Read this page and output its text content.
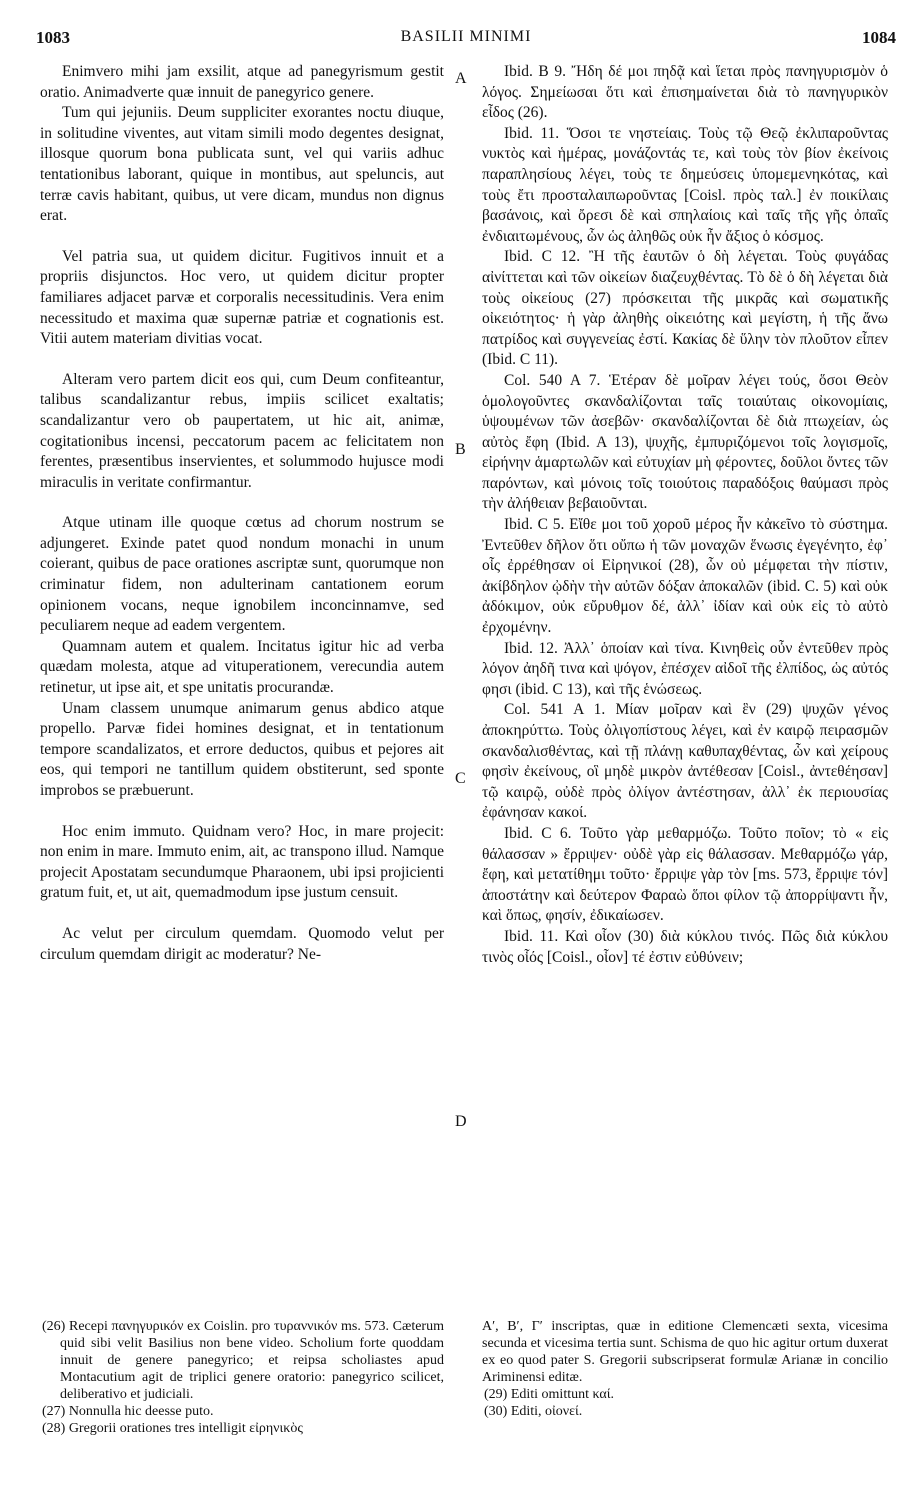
1083	BASILII MINIMI	1084
A
B
C
D

Enimvero mihi jam exsilit, atque ad panegyrismum gestit oratio. Animadverte quæ innuit de panegyrico genere.

Tum qui jejuniis. Deum suppliciter exorantes noctu diuque, in solitudine viventes, aut vitam simili modo degentes designat, illosque quorum bona publicata sunt, vel qui variis adhuc tentationibus laborant, quique in montibus, aut speluncis, aut terræ cavis habitant, quibus, ut vere dicam, mundus non dignus erat.

Vel patria sua, ut quidem dicitur. Fugitivos innuit et a propriis disjunctos. Hoc vero, ut quidem dicitur propter familiares adjacet parvæ et corporalis necessitudinis. Vera enim necessitudo et maxima quæ supernæ patriæ et cognationis est. Vitii autem materiam divitias vocat.

Alteram vero partem dicit eos qui, cum Deum confiteantur, talibus scandalizantur rebus, impiis scilicet exaltatis; scandalizantur vero ob paupertatem, ut hic ait, animæ, cogitationibus incensi, peccatorum pacem ac felicitatem non ferentes, præsentibus inservientes, et solummodo hujusce modi miraculis in veritate confirmantur.

Atque utinam ille quoque cœtus ad chorum nostrum se adjungeret. Exinde patet quod nondum monachi in unum coierant, quibus de pace orationes ascriptæ sunt, quorumque non criminatur fidem, non adulterinam cantationem eorum opinionem vocans, neque ignobilem inconcinnamve, sed peculiarem neque ad eadem vergentem.

Quamnam autem et qualem. Incitatus igitur hic ad verba quædam molesta, atque ad vituperationem, verecundia autem retinetur, ut ipse ait, et spe unitatis procurandæ.

Unam classem unumque animarum genus abdico atque propello. Parvæ fidei homines designat, et in tentationum tempore scandalizatos, et errore deductos, quibus et pejores ait eos, qui tempori ne tantillum quidem obstiterunt, sed sponte improbos se præbuerunt.

Hoc enim immuto. Quidnam vero? Hoc, in mare projecit: non enim in mare. Immuto enim, ait, ac transpono illud. Namque projecit Apostatam secundumque Pharaonem, ubi ipsi projicienti gratum fuit, et, ut ait, quemadmodum ipse justum censuit.

Ac velut per circulum quemdam. Quomodo velut per circulum quemdam dirigit ac moderatur? Ne-

Ibid. B 9. Ἤδη δέ μοι πηδᾷ καὶ ἵεται πρὸς πανηγυρισμὸν ὁ λόγος. Σημείωσαι ὅτι καὶ ἐπισημαίνεται διὰ τὸ πανηγυρικὸν εἶδος (26).

Ibid. 11. Ὅσοι τε νηστείαις. Τοὺς τῷ Θεῷ ἐκλιπαροῦντας νυκτὸς καὶ ἡμέρας, μονάζοντάς τε, καὶ τοὺς τὸν βίον ἐκείνοις παραπλησίους λέγει, τοὺς τε δημεύσεις ὑπομεμενηκότας, καὶ τοὺς ἔτι προσταλαιπωροῦντας [Coisl. πρὸς ταλ.] ἐν ποικίλαις βασάνοις, καὶ ὄρεσι δὲ καὶ σπηλαίοις καὶ ταῖς τῆς γῆς ὀπαῖς ἐνδιαιτωμένους, ὧν ὡς ἀληθῶς οὐκ ἦν ἄξιος ὁ κόσμος.

Ibid. C 12. Ἢ τῆς ἑαυτῶν ὁ δὴ λέγεται. Τοὺς φυγάδας αἰνίττεται καὶ τῶν οἰκείων διαζευχθέντας. Τὸ δὲ ὁ δὴ λέγεται διὰ τοὺς οἰκείους (27) πρόσκειται τῆς μικρᾶς καὶ σωματικῆς οἰκειότητος· ἡ γὰρ ἀληθὴς οἰκειότης καὶ μεγίστη, ἡ τῆς ἄνω πατρίδος καὶ συγγενείας ἐστί. Κακίας δὲ ὕλην τὸν πλοῦτον εἶπεν (Ibid. C 11).

Col. 540 A 7. Ἑτέραν δὲ μοῖραν λέγει τούς, ὅσοι Θεὸν ὁμολογοῦντες σκανδαλίζονται ταῖς τοιαύταις οἰκονομίαις, ὑψουμένων τῶν ἀσεβῶν· σκανδαλίζονται δὲ διὰ πτωχείαν, ὡς αὐτὸς ἔφη (Ibid. A 13), ψυχῆς, ἐμπυριζόμενοι τοῖς λογισμοῖς, εἰρήνην ἁμαρτωλῶν καὶ εὐτυχίαν μὴ φέροντες, δοῦλοι ὄντες τῶν παρόντων, καὶ μόνοις τοῖς τοιούτοις παραδόξοις θαύμασι πρὸς τὴν ἀλήθειαν βεβαιοῦνται.

Ibid. C 5. Εἴθε μοι τοῦ χοροῦ μέρος ἦν κἀκεῖνο τὸ σύστημα. Ἐντεῦθεν δῆλον ὅτι οὔπω ἡ τῶν μοναχῶν ἕνωσις ἐγεγένητο, ἐφ᾽ οἷς ἐρρέθησαν οἱ Εἰρηνικοί (28), ὧν οὐ μέμφεται τὴν πίστιν, ἀκίβδηλον ᾠδὴν τὴν αὐτῶν δόξαν ἀποκαλῶν (ibid. C. 5) καὶ οὐκ ἀδόκιμον, οὐκ εὔρυθμον δέ, ἀλλ᾽ ἰδίαν καὶ οὐκ εἰς τὸ αὐτὸ ἐρχομένην.

Ibid. 12. Ἀλλ᾽ ὁποίαν καὶ τίνα. Κινηθεὶς οὖν ἐντεῦθεν πρὸς λόγον ἀηδῆ τινα καὶ ψόγον, ἐπέσχεν αἰδοῖ τῆς ἐλπίδος, ὡς αὐτός φησι (ibid. C 13), καὶ τῆς ἑνώσεως.

Col. 541 A 1. Μίαν μοῖραν καὶ ἓν (29) ψυχῶν γένος ἀποκηρύττω. Τοὺς ὀλιγοπίστους λέγει, καὶ ἐν καιρῷ πειρασμῶν σκανδαλισθέντας, καὶ τῇ πλάνῃ καθυπαχθέντας, ὧν καὶ χείρους φησὶν ἐκείνους, οἳ μηδὲ μικρὸν ἀντέθεσαν [Coisl., ἀντεθέησαν] τῷ καιρῷ, οὐδὲ πρὸς ὀλίγον ἀντέστησαν, ἀλλ᾽ ἐκ περιουσίας ἐφάνησαν κακοί.

Ibid. C 6. Τοῦτο γὰρ μεθαρμόζω. Τοῦτο ποῖον; τὸ « εἰς θάλασσαν » ἔρριψεν· οὐδὲ γὰρ εἰς θάλασσαν. Μεθαρμόζω γάρ, ἔφη, καὶ μετατίθημι τοῦτο· ἔρριψε γὰρ τὸν [ms. 573, ἔρριψε τόν] ἀποστάτην καὶ δεύτερον Φαραὼ ὅποι φίλον τῷ ἀπορρίψαντι ἦν, καὶ ὅπως, φησίν, ἐδικαίωσεν.

Ibid. 11. Καὶ οἷον (30) διὰ κύκλου τινός. Πῶς διὰ κύκλου τινὸς οἷός [Coisl., οἷον] τέ ἐστιν εὐθύνειν;

(26) Recepi πανηγυρικόν ex Coislin. pro τυραννικόν ms. 573. Cæterum quid sibi velit Basilius non bene video. Scholium forte quoddam innuit de genere panegyrico; et reipsa scholiastes apud Montacutium agit de triplici genere oratorio: panegyrico scilicet, deliberativo et judiciali.

(27) Nonnulla hic deesse puto.

(28) Gregorii orationes tres intelligit εἰρηνικὸς

A′, B′, Γ′ inscriptas, quæ in editione Clemencæti sexta, vicesima secunda et vicesima tertia sunt. Schisma de quo hic agitur ortum duxerat ex eo quod pater S. Gregorii subscripserat formulæ Arianæ in concilio Ariminensi editæ.

(29) Editi omittunt καί.

(30) Editi, οἰονεί.
